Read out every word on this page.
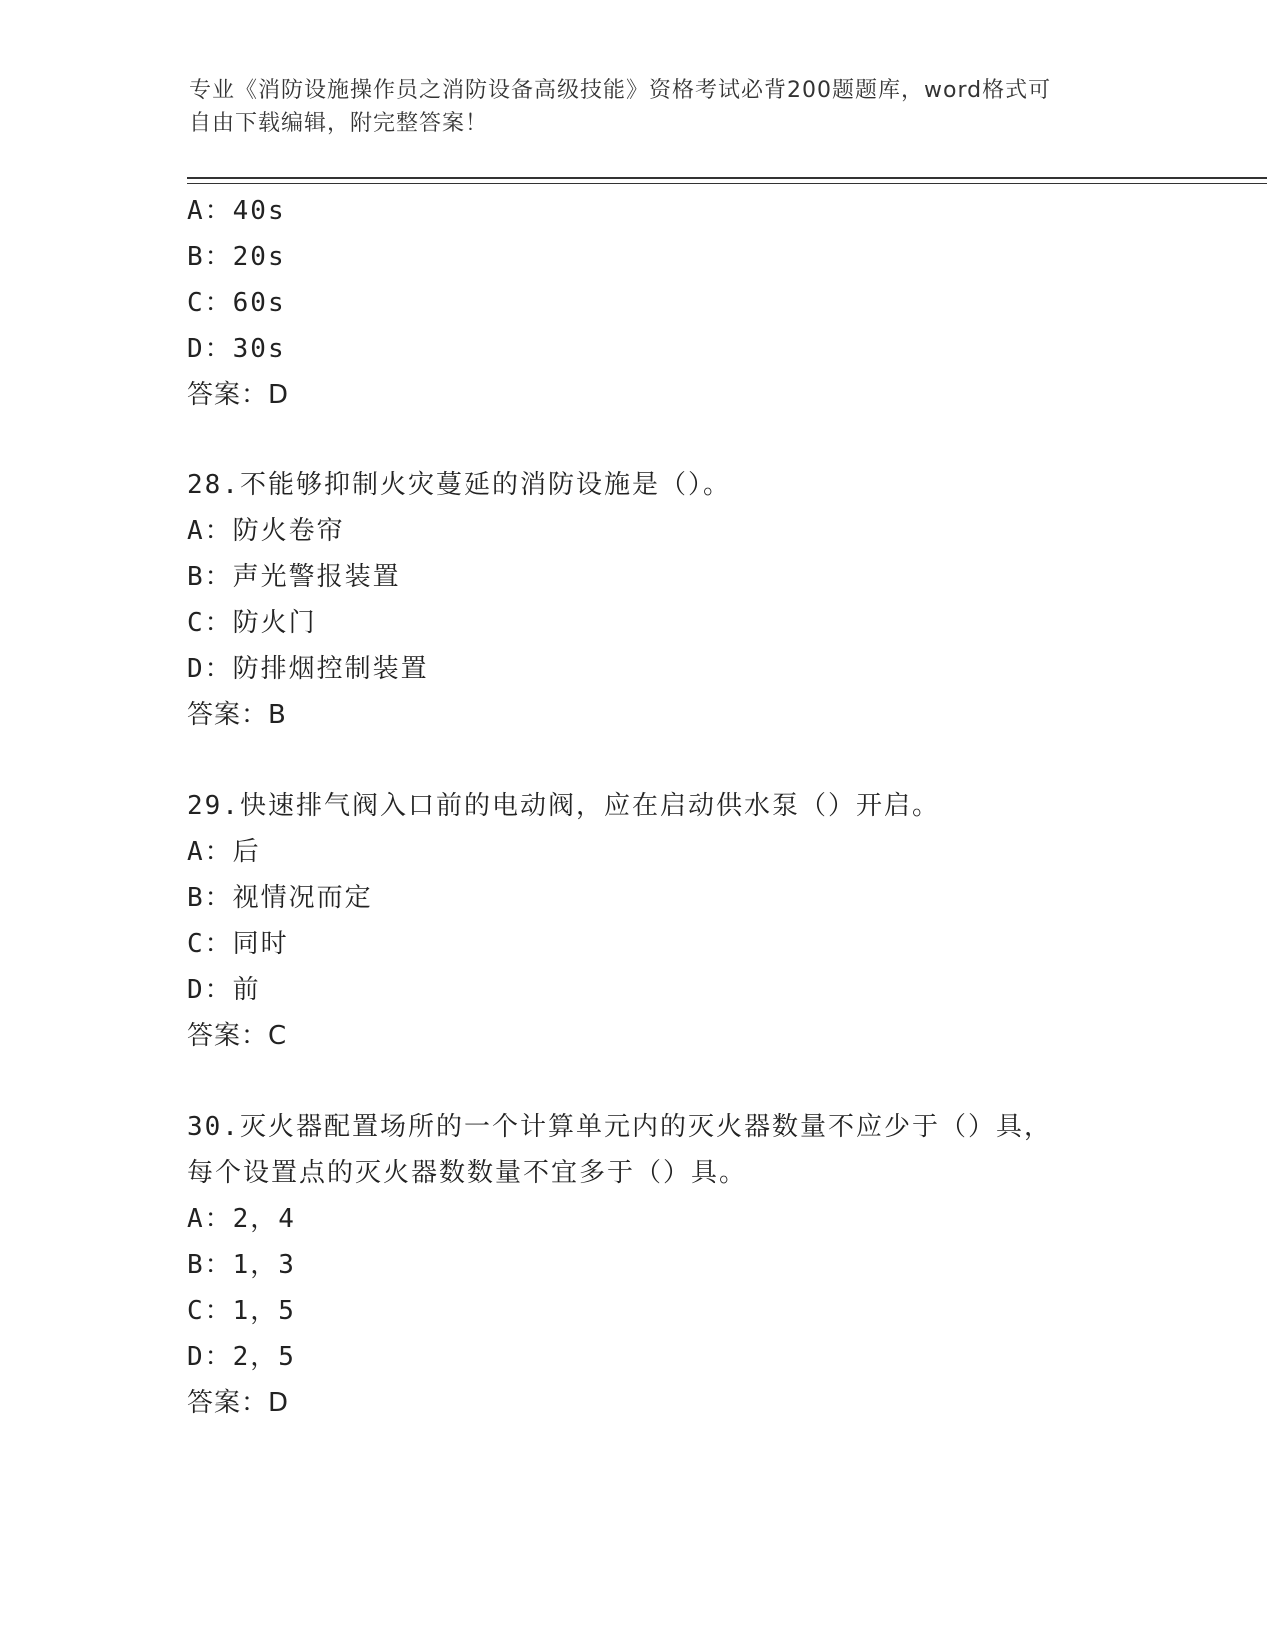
专业《消防设施操作员之消防设备高级技能》资格考试必背200题题库，word格式可自由下载编辑，附完整答案！
A：40s
B：20s
C：60s
D：30s
答案：D
28.不能够抑制火灾蔓延的消防设施是（）。
A：防火卷帘
B：声光警报装置
C：防火门
D：防排烟控制装置
答案：B
29.快速排气阀入口前的电动阀，应在启动供水泵（）开启。
A：后
B：视情况而定
C：同时
D：前
答案：C
30.灭火器配置场所的一个计算单元内的灭火器数量不应少于（）具，
每个设置点的灭火器数数量不宜多于（）具。
A：2，4
B：1，3
C：1，5
D：2，5
答案：D
